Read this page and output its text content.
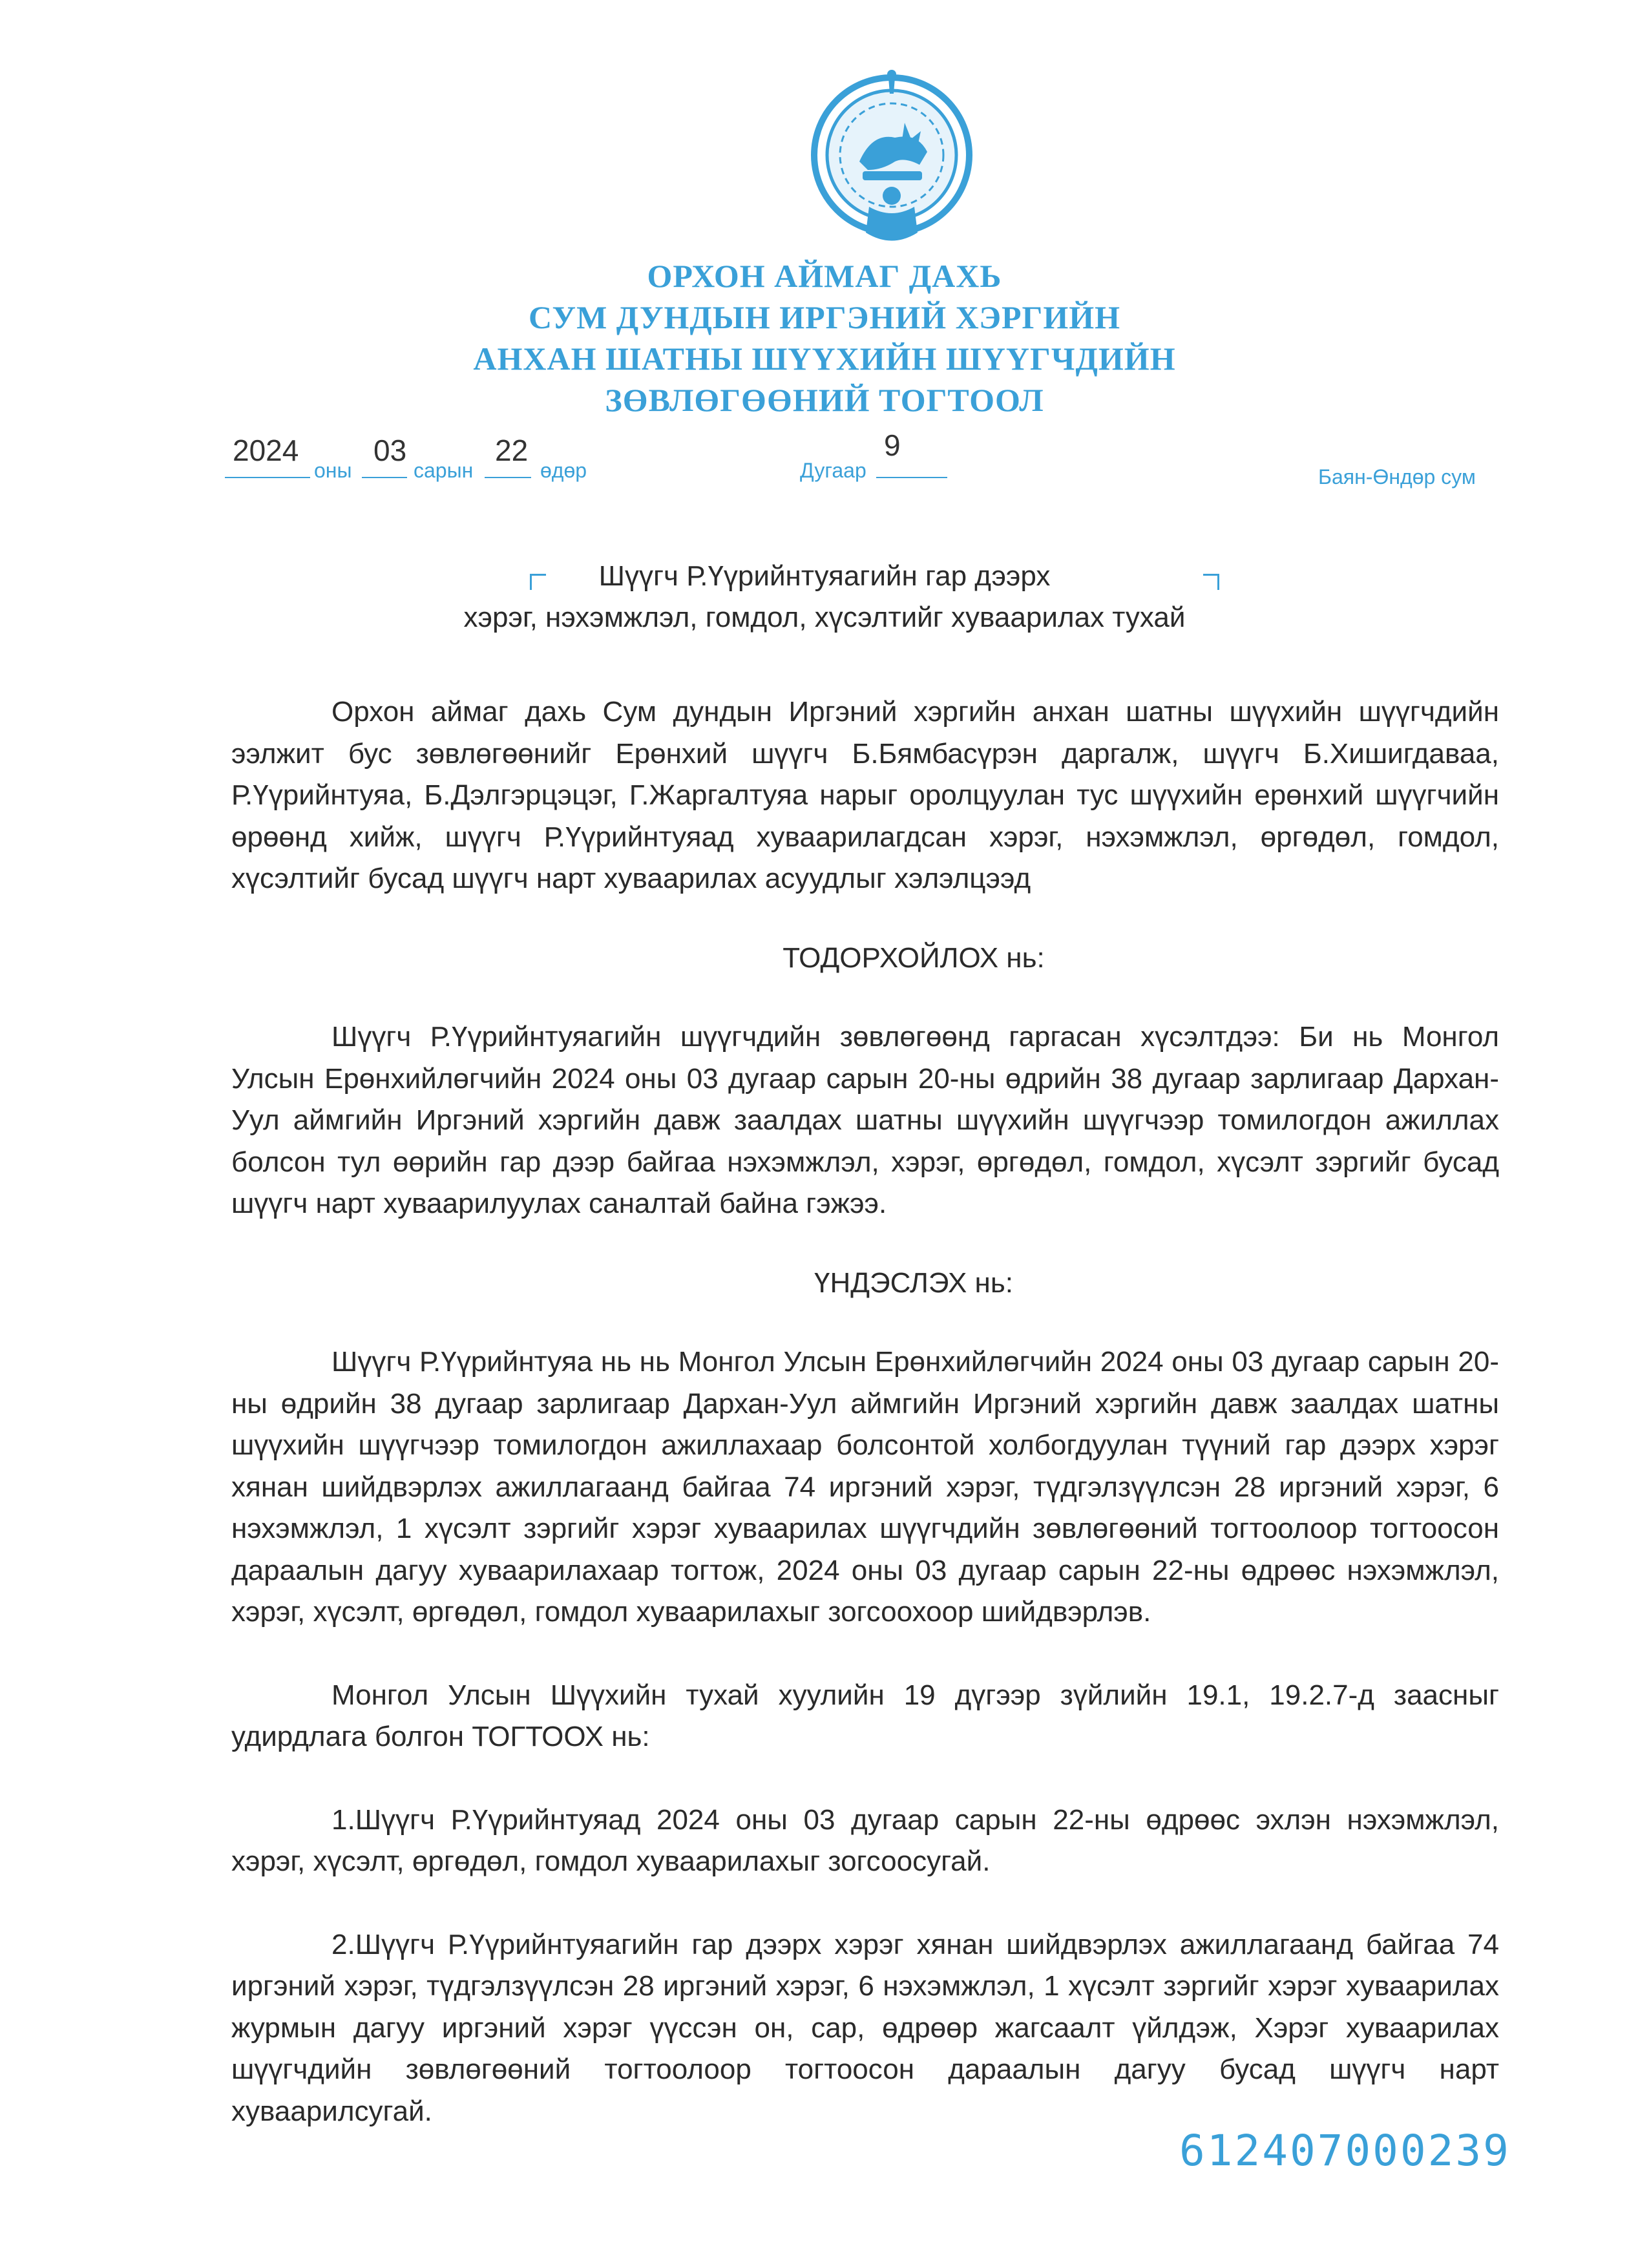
ОРХОН АЙМАГ ДАХЬ
СУМ ДУНДЫН ИРГЭНИЙ ХЭРГИЙН
АНХАН ШАТНЫ ШҮҮХИЙН ШҮҮГЧДИЙН
ЗӨВЛӨГӨӨНИЙ ТОГТООЛ
2024
оны
03
сарын
22
өдөр	Дугаар
9
Баян-Өндөр сум
Шүүгч Р.Үүрийнтуяагийн гар дээрх
хэрэг, нэхэмжлэл, гомдол, хүсэлтийг хуваарилах тухай

Орхон аймаг дахь Сум дундын Иргэний хэргийн анхан шатны шүүхийн шүүгчдийн ээлжит бус зөвлөгөөнийг Ерөнхий шүүгч Б.Бямбасүрэн даргалж, шүүгч Б.Хишигдаваа, Р.Үүрийнтуяа, Б.Дэлгэрцэцэг, Г.Жаргалтуяа нарыг оролцуулан тус шүүхийн ерөнхий шүүгчийн өрөөнд хийж, шүүгч Р.Үүрийнтуяад хуваарилагдсан хэрэг, нэхэмжлэл, өргөдөл, гомдол, хүсэлтийг бусад шүүгч нарт хуваарилах асуудлыг хэлэлцээд

ТОДОРХОЙЛОХ нь:

Шүүгч Р.Үүрийнтуяагийн шүүгчдийн зөвлөгөөнд гаргасан хүсэлтдээ: Би нь Монгол Улсын Ерөнхийлөгчийн 2024 оны 03 дугаар сарын 20-ны өдрийн 38 дугаар зарлигаар Дархан-Уул аймгийн Иргэний хэргийн давж заалдах шатны шүүхийн шүүгчээр томилогдон ажиллах болсон тул өөрийн гар дээр байгаа нэхэмжлэл, хэрэг, өргөдөл, гомдол, хүсэлт зэргийг бусад шүүгч нарт хуваарилуулах саналтай байна гэжээ.

ҮНДЭСЛЭХ нь:

Шүүгч Р.Үүрийнтуяа нь нь Монгол Улсын Ерөнхийлөгчийн 2024 оны 03 дугаар сарын 20-ны өдрийн 38 дугаар зарлигаар Дархан-Уул аймгийн Иргэний хэргийн давж заалдах шатны шүүхийн шүүгчээр томилогдон ажиллахаар болсонтой холбогдуулан түүний гар дээрх хэрэг хянан шийдвэрлэх ажиллагаанд байгаа 74 иргэний хэрэг, түдгэлзүүлсэн 28 иргэний хэрэг, 6 нэхэмжлэл, 1 хүсэлт зэргийг хэрэг хуваарилах шүүгчдийн зөвлөгөөний тогтоолоор тогтоосон дараалын дагуу хуваарилахаар тогтож, 2024 оны 03 дугаар сарын 22-ны өдрөөс нэхэмжлэл, хэрэг, хүсэлт, өргөдөл, гомдол хуваарилахыг зогсоохоор шийдвэрлэв.

Монгол Улсын Шүүхийн тухай хуулийн 19 дүгээр зүйлийн 19.1, 19.2.7-д заасныг удирдлага болгон ТОГТООХ нь:

1.Шүүгч Р.Үүрийнтуяад 2024 оны 03 дугаар сарын 22-ны өдрөөс эхлэн нэхэмжлэл, хэрэг, хүсэлт, өргөдөл, гомдол хуваарилахыг зогсоосугай.

2.Шүүгч Р.Үүрийнтуяагийн гар дээрх хэрэг хянан шийдвэрлэх ажиллагаанд байгаа 74 иргэний хэрэг, түдгэлзүүлсэн 28 иргэний хэрэг, 6 нэхэмжлэл, 1 хүсэлт зэргийг хэрэг хуваарилах журмын дагуу иргэний хэрэг үүссэн он, сар, өдрөөр жагсаалт үйлдэж, Хэрэг хуваарилах шүүгчдийн зөвлөгөөний тогтоолоор тогтоосон дараалын дагуу бусад шүүгч нарт хуваарилсугай.

612407000239
